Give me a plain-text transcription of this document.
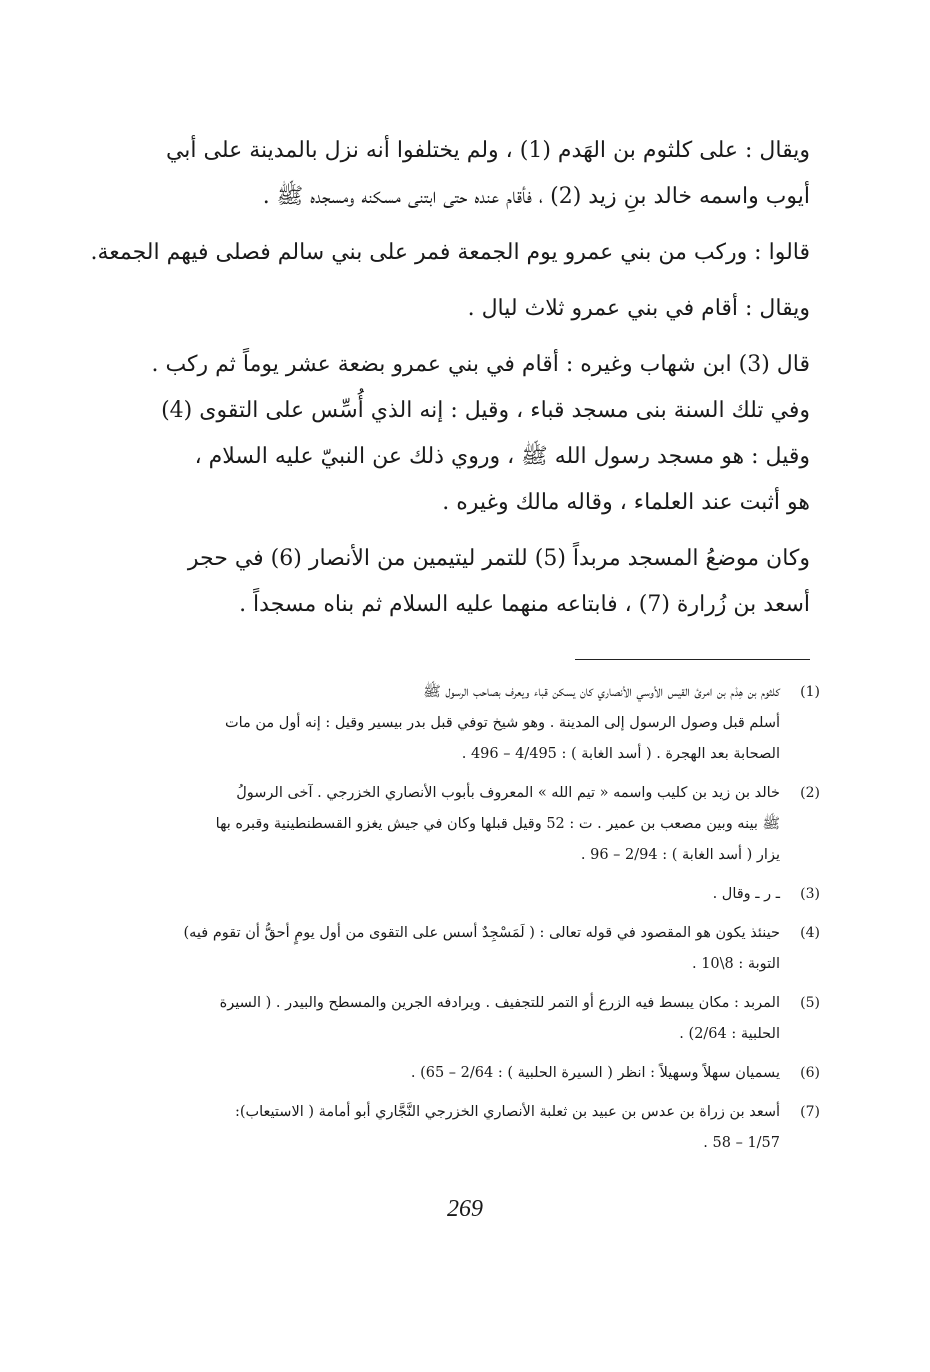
ويقال : على كلثوم بن الهَدم (1) ، ولم يختلفوا أنه نزل بالمدينة على أبي
أيوب واسمه خالد بنِ زيد (2) ، فأقام عنده حتى ابتنى مسكنه ومسجده ﷺ .

قالوا : وركب من بني عمرو يوم الجمعة فمر على بني سالم فصلى فيهم الجمعة.

ويقال : أقام في بني عمرو ثلاث ليال .

قال (3) ابن شهاب وغيره : أقام في بني عمرو بضعة عشر يوماً ثم ركب .
وفي تلك السنة بنى مسجد قباء ، وقيل : إنه الذي أُسِّس على التقوى (4)
وقيل : هو مسجد رسول الله ﷺ ، وروي ذلك عن النبيّ عليه السلام ،
هو أثبت عند العلماء ، وقاله مالك وغيره .

وكان موضعُ المسجد مربداً (5) للتمر ليتيمين من الأنصار (6) في حجر
أسعد بن زُرارة (7) ، فابتاعه منهما عليه السلام ثم بناه مسجداً .

(1)
كلثوم بن هِدْم بن امرئ القيس الأوسي الأنصاري كان يسكن قباء ويعرف بصاحب الرسول ﷺ
أسلم قبل وصول الرسول إلى المدينة . وهو شيخ توفي قبل بدر بيسير وقيل : إنه أول من مات
الصحابة بعد الهجرة . ( أسد الغابة ) : 4/495 – 496 .
(2)
خالد بن زيد بن كليب واسمه « تيم الله » المعروف بأبوب الأنصاري الخزرجي . آخى الرسولُ
ﷺ بينه وبين مصعب بن عمير . ت : 52 وقيل قبلها وكان في جيش يغزو القسطنطينية وقبره بها
يزار ( أسد الغابة ) : 2/94 – 96 .
(3)
ـ ر ـ وقال .
(4)
حينئذ يكون هو المقصود في قوله تعالى : ( لَمَسْجِدٌ أسس على التقوى من أول يومٍ أحقُّ أن تقوم فيه)
التوبة : 8\10 .
(5)
المربد : مكان يبسط فيه الزرع أو التمر للتجفيف . ويرادفه الجرين والمسطح والبيدر . ( السيرة
الحلبية : 2/64) .
(6)
يسميان سهلاً وسهيلاً : انظر ( السيرة الحلبية ) : 2/64 – 65) .
(7)
أسعد بن زراة بن عدس بن عبيد بن ثعلبة الأنصاري الخزرجي النَّجَّاري أبو أمامة ( الاستيعاب):
1/57 – 58 .
269
